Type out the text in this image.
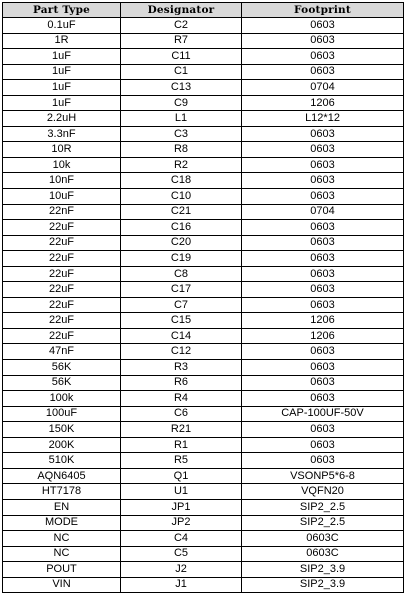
Part Type	Designator	Footprint
0.1uF	C2	0603
1R	R7	0603
1uF	C11	0603
1uF	C1	0603
1uF	C13	0704
1uF	C9	1206
2.2uH	L1	L12*12
3.3nF	C3	0603
10R	R8	0603
10k	R2	0603
10nF	C18	0603
10uF	C10	0603
22nF	C21	0704
22uF	C16	0603
22uF	C20	0603
22uF	C19	0603
22uF	C8	0603
22uF	C17	0603
22uF	C7	0603
22uF	C15	1206
22uF	C14	1206
47nF	C12	0603
56K	R3	0603
56K	R6	0603
100k	R4	0603
100uF	C6	CAP-100UF-50V
150K	R21	0603
200K	R1	0603
510K	R5	0603
AQN6405	Q1	VSONP5*6-8
HT7178	U1	VQFN20
EN	JP1	SIP2_2.5
MODE	JP2	SIP2_2.5
NC	C4	0603C
NC	C5	0603C
POUT	J2	SIP2_3.9
VIN	J1	SIP2_3.9
